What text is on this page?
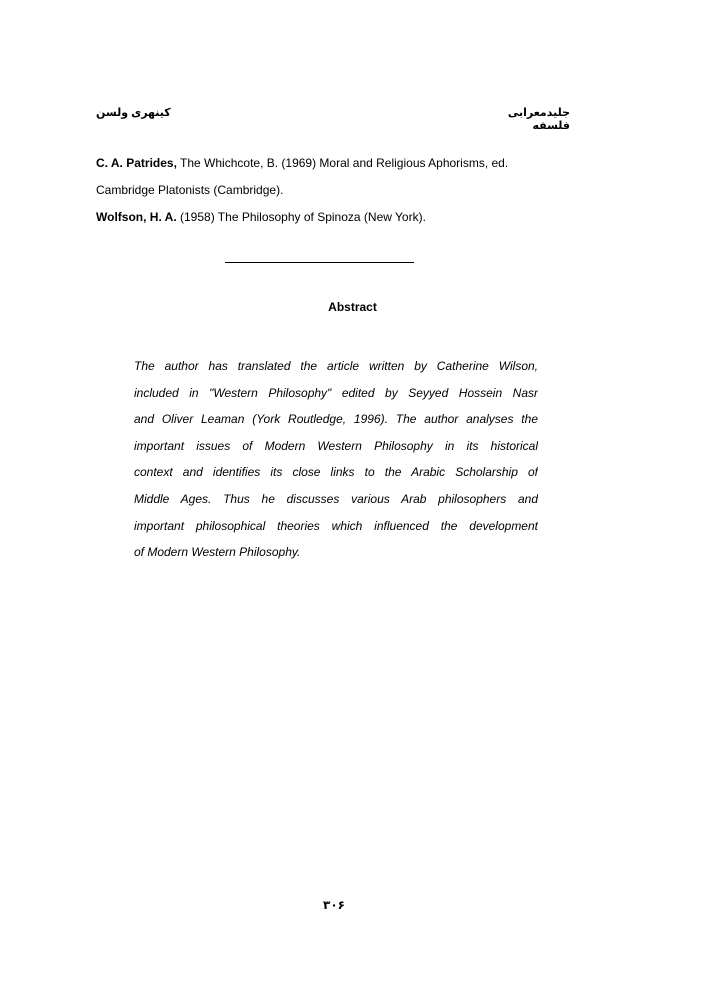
جلیدمعرابی فلسفه
کینهری ولسن
C. A. Patrides, The Whichcote, B. (1969) Moral and Religious Aphorisms, ed.
Cambridge Platonists (Cambridge).
Wolfson, H. A. (1958) The Philosophy of Spinoza (New York).
Abstract
The author has translated the article written by Catherine Wilson,
included in "Western Philosophy" edited by Seyyed Hossein Nasr
and Oliver Leaman (York Routledge, 1996). The author analyses the
important issues of Modern Western Philosophy in its historical
context and identifies its close links to the Arabic Scholarship of
Middle Ages. Thus he discusses various Arab philosophers and
important philosophical theories which influenced the development
of Modern Western Philosophy.
۳۰۶
